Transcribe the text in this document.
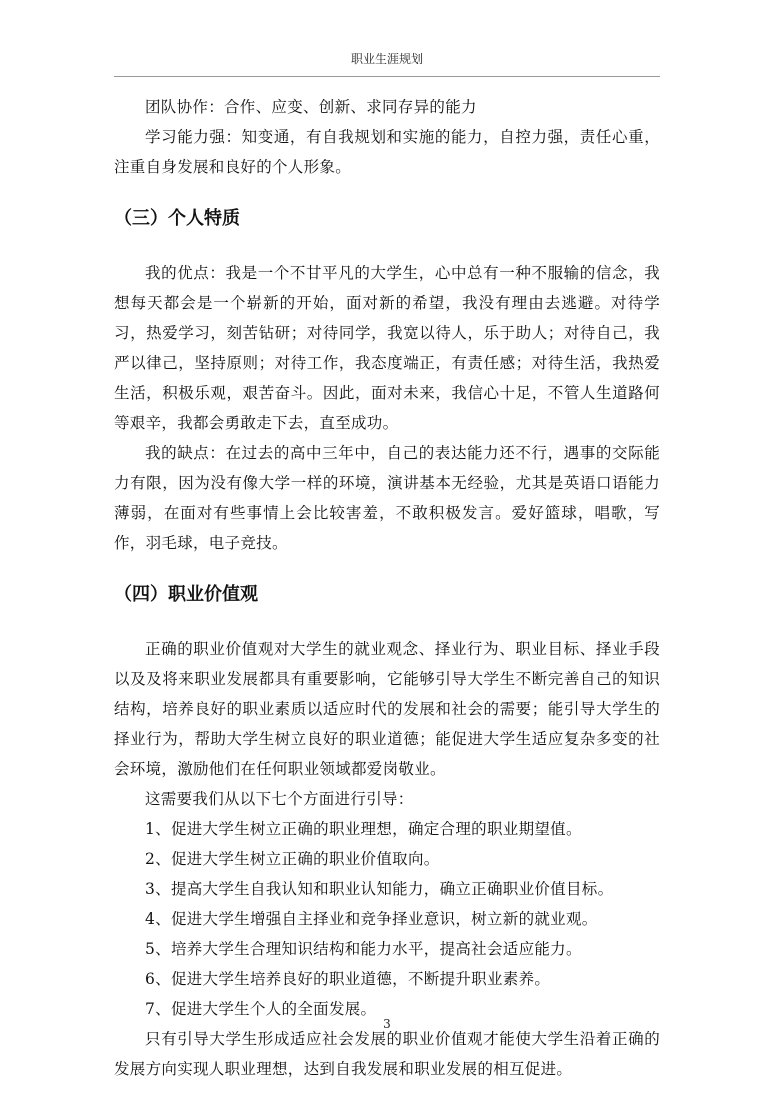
职业生涯规划

团队协作：合作、应变、创新、求同存异的能力

学习能力强：知变通，有自我规划和实施的能力，自控力强，责任心重，注重自身发展和良好的个人形象。

（三）个人特质

我的优点：我是一个不甘平凡的大学生，心中总有一种不服输的信念，我想每天都会是一个崭新的开始，面对新的希望，我没有理由去逃避。对待学习，热爱学习，刻苦钻研；对待同学，我宽以待人，乐于助人；对待自己，我严以律己，坚持原则；对待工作，我态度端正，有责任感；对待生活，我热爱生活，积极乐观，艰苦奋斗。因此，面对未来，我信心十足，不管人生道路何等艰辛，我都会勇敢走下去，直至成功。

我的缺点：在过去的高中三年中，自己的表达能力还不行，遇事的交际能力有限，因为没有像大学一样的环境，演讲基本无经验，尤其是英语口语能力薄弱，在面对有些事情上会比较害羞，不敢积极发言。爱好篮球，唱歌，写作，羽毛球，电子竞技。

（四）职业价值观

正确的职业价值观对大学生的就业观念、择业行为、职业目标、择业手段以及及将来职业发展都具有重要影响，它能够引导大学生不断完善自己的知识结构，培养良好的职业素质以适应时代的发展和社会的需要；能引导大学生的择业行为，帮助大学生树立良好的职业道德；能促进大学生适应复杂多变的社会环境，激励他们在任何职业领域都爱岗敬业。

这需要我们从以下七个方面进行引导：

1、促进大学生树立正确的职业理想，确定合理的职业期望值。

2、促进大学生树立正确的职业价值取向。

3、提高大学生自我认知和职业认知能力，确立正确职业价值目标。

4、促进大学生增强自主择业和竞争择业意识，树立新的就业观。

5、培养大学生合理知识结构和能力水平，提高社会适应能力。

6、促进大学生培养良好的职业道德，不断提升职业素养。

7、促进大学生个人的全面发展。

只有引导大学生形成适应社会发展的职业价值观才能使大学生沿着正确的发展方向实现人职业理想，达到自我发展和职业发展的相互促进。

3
